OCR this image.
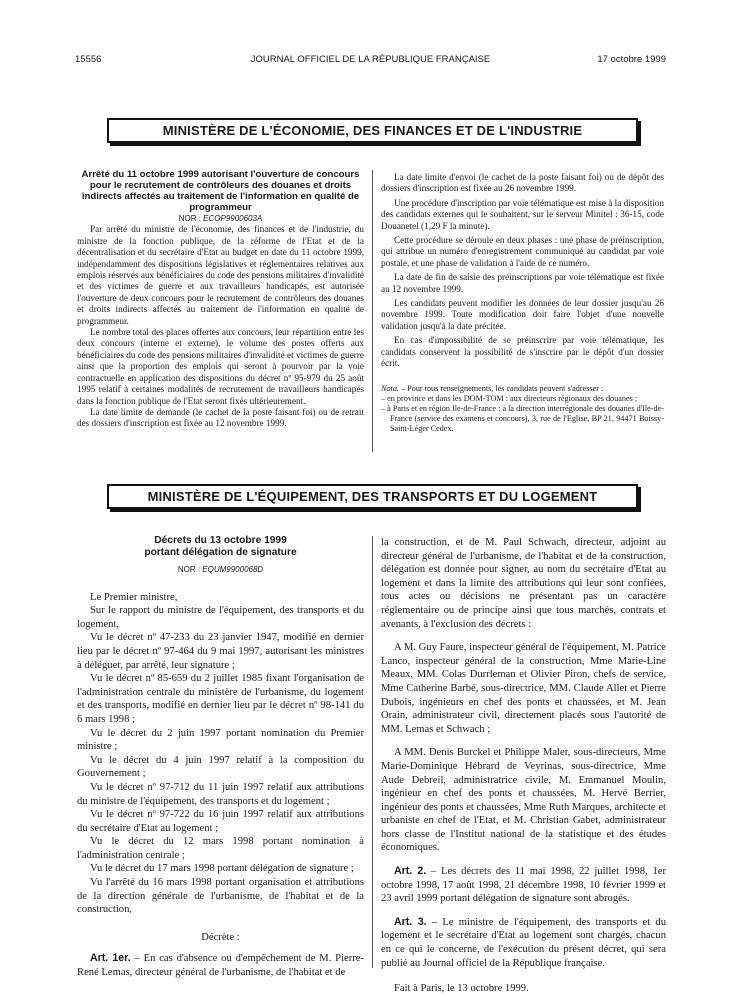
15556	JOURNAL OFFICIEL DE LA RÉPUBLIQUE FRANÇAISE	17 octobre 1999
MINISTÈRE DE L'ÉCONOMIE, DES FINANCES ET DE L'INDUSTRIE

Arrêté du 11 octobre 1999 autorisant l'ouverture de concours pour le recrutement de contrôleurs des douanes et droits indirects affectés au traitement de l'information en qualité de programmeur

NOR : ECOP9900603A

Par arrêté du ministre de l'économie, des finances et de l'industrie, du ministre de la fonction publique, de la réforme de l'Etat et de la décentralisation et du secrétaire d'Etat au budget en date du 11 octobre 1999, indépendamment des dispositions législatives et réglementaires relatives aux emplois réservés aux bénéficiaires du code des pensions militaires d'invalidité et des victimes de guerre et aux travailleurs handicapés, est autorisée l'ouverture de deux concours pour le recrutement de contrôleurs des douanes et droits indirects affectés au traitement de l'information en qualité de programmeur.

Le nombre total des places offertes aux concours, leur répartition entre les deux concours (interne et externe), le volume des postes offerts aux bénéficiaires du code des pensions militaires d'invalidité et victimes de guerre ainsi que la proportion des emplois qui seront à pourvoir par la voie contractuelle en application des dispositions du décret nº 95-979 du 25 août 1995 relatif à certaines modalités de recrutement de travailleurs handicapés dans la fonction publique de l'Etat seront fixés ultérieurement.

La date limite de demande (le cachet de la poste faisant foi) ou de retrait des dossiers d'inscription est fixée au 12 novembre 1999.

La date limite d'envoi (le cachet de la poste faisant foi) ou de dépôt des dossiers d'inscription est fixée au 26 novembre 1999.

Une procédure d'inscription par voie télématique est mise à la disposition des candidats externes qui le souhaitent, sur le serveur Minitel : 36-15, code Douanetel (1,29 F la minute).

Cette procédure se déroule en deux phases : une phase de préinscription, qui attribue un numéro d'enregistrement communiqué au candidat par voie postale, et une phase de validation à l'aide de ce numéro.

La date de fin de saisie des préinscriptions par voie télématique est fixée au 12 novembre 1999.

Les candidats peuvent modifier les données de leur dossier jusqu'au 26 novembre 1999. Toute modification doit faire l'objet d'une nouvelle validation jusqu'à la date précitée.

En cas d'impossibilité de se préinscrire par voie télématique, les candidats conservent la possibilité de s'inscrire par le dépôt d'un dossier écrit.

Nota. – Pour tous renseignements, les candidats peuvent s'adresser :

– en province et dans les DOM-TOM : aux directeurs régionaux des douanes ;

– à Paris et en région Ile-de-France : à la direction interrégionale des douanes d'Ile-de-France (service des examens et concours), 3, rue de l'Eglise, BP 21, 94471 Boissy-Saint-Léger Cedex.

MINISTÈRE DE L'ÉQUIPEMENT, DES TRANSPORTS ET DU LOGEMENT

Décrets du 13 octobre 1999

portant délégation de signature

NOR : EQUM9900068D

Le Premier ministre,

Sur le rapport du ministre de l'équipement, des transports et du logement,

Vu le décret nº 47-233 du 23 janvier 1947, modifié en dernier lieu par le décret nº 97-464 du 9 mai 1997, autorisant les ministres à déléguer, par arrêté, leur signature ;

Vu le décret nº 85-659 du 2 juillet 1985 fixant l'organisation de l'administration centrale du ministère de l'urbanisme, du logement et des transports, modifié en dernier lieu par le décret nº 98-141 du 6 mars 1998 ;

Vu le décret du 2 juin 1997 portant nomination du Premier ministre ;

Vu le décret du 4 juin 1997 relatif à la composition du Gouvernement ;

Vu le décret nº 97-712 du 11 juin 1997 relatif aux attributions du ministre de l'équipement, des transports et du logement ;

Vu le décret nº 97-722 du 16 juin 1997 relatif aux attributions du secrétaire d'Etat au logement ;

Vu le décret du 12 mars 1998 portant nomination à l'administration centrale ;

Vu le décret du 17 mars 1998 portant délégation de signature ;

Vu l'arrêté du 16 mars 1998 portant organisation et attributions de la direction générale de l'urbanisme, de l'habitat et de la construction,

Décrète :

Art. 1er. – En cas d'absence ou d'empêchement de M. Pierre-René Lemas, directeur général de l'urbanisme, de l'habitat et de

la construction, et de M. Paul Schwach, directeur, adjoint au directeur général de l'urbanisme, de l'habitat et de la construction, délégation est donnée pour signer, au nom du secrétaire d'Etat au logement et dans la limite des attributions qui leur sont confiées, tous actes ou décisions ne présentant pas un caractère réglementaire ou de principe ainsi que tous marchés, contrats et avenants, à l'exclusion des décrets :

A M. Guy Faure, inspecteur général de l'équipement, M. Patrice Lanco, inspecteur général de la construction, Mme Marie-Line Meaux, MM. Colas Durrleman et Olivier Piron, chefs de service, Mme Catherine Barbé, sous-directrice, MM. Claude Allet et Pierre Dubois, ingénieurs en chef des ponts et chaussées, et M. Jean Orain, administrateur civil, directement placés sous l'autorité de MM. Lemas et Schwach ;

A MM. Denis Burckel et Philippe Maler, sous-directeurs, Mme Marie-Dominique Hébrard de Veyrinas, sous-directrice, Mme Aude Debreil, administratrice civile, M. Emmanuel Moulin, ingénieur en chef des ponts et chaussées, M. Hervé Berrier, ingénieur des ponts et chaussées, Mme Ruth Marques, architecte et urbaniste en chef de l'Etat, et M. Christian Gabet, administrateur hors classe de l'Institut national de la statistique et des études économiques.

Art. 2. – Les décrets des 11 mai 1998, 22 juillet 1998, 1er octobre 1998, 17 août 1998, 21 décembre 1998, 10 février 1999 et 23 avril 1999 portant délégation de signature sont abrogés.

Art. 3. – Le ministre de l'équipement, des transports et du logement et le secrétaire d'Etat au logement sont chargés, chacun en ce qui le concerne, de l'exécution du présent décret, qui sera publié au Journal officiel de la République française.

Fait à Paris, le 13 octobre 1999.
